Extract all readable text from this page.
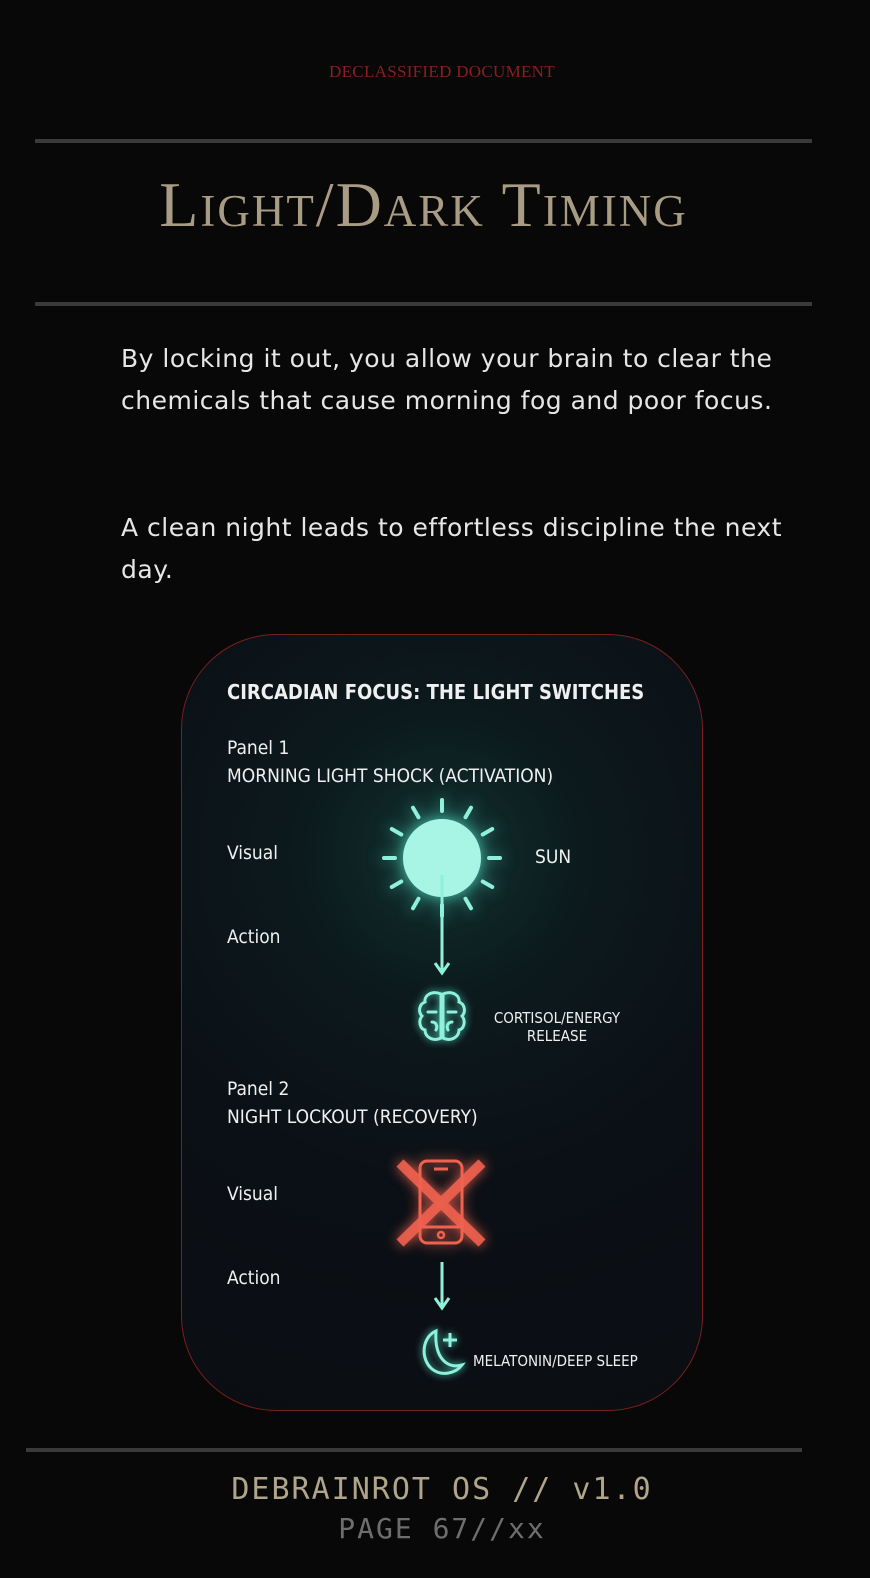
DECLASSIFIED DOCUMENT
Light/Dark Timing
By locking it out, you allow your brain to clear the chemicals that cause morning fog and poor focus.
A clean night leads to effortless discipline the next day.
CIRCADIAN FOCUS: THE LIGHT SWITCHES
Panel 1
MORNING LIGHT SHOCK (ACTIVATION)
Visual	SUN
Action
CORTISOL/ENERGY
RELEASE
Panel 2
NIGHT LOCKOUT (RECOVERY)
Visual
Action
MELATONIN/DEEP SLEEP
DEBRAINROT OS // v1.0
PAGE 67//xx
